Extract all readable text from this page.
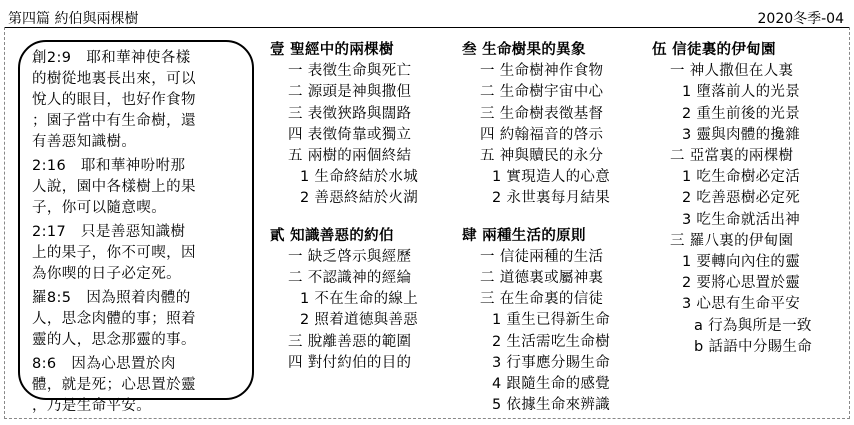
第四篇 約伯與兩棵樹	2020冬季-04

創2:9　耶和華神使各樣

的樹從地裏長出來，可以

悅人的眼目，也好作食物

；園子當中有生命樹，還

有善惡知識樹。

2:16　耶和華神吩咐那

人說，園中各樣樹上的果

子，你可以隨意喫。

2:17　只是善惡知識樹

上的果子，你不可喫，因

為你喫的日子必定死。

羅8:5　因為照着肉體的

人，思念肉體的事；照着

靈的人，思念那靈的事。

8:6　因為心思置於肉

體，就是死；心思置於靈

，乃是生命平安。

壹 聖經中的兩棵樹
一 表徵生命與死亡
二 源頭是神與撒但
三 表徵狹路與闊路
四 表徵倚靠或獨立
五 兩樹的兩個終結
1 生命終結於水城
2 善惡終結於火湖
貳 知識善惡的約伯
一 缺乏啓示與經歷
二 不認識神的經綸
1 不在生命的線上
2 照着道德與善惡
三 脫離善惡的範圍
四 對付約伯的目的
叁 生命樹果的異象
一 生命樹神作食物
二 生命樹宇宙中心
三 生命樹表徵基督
四 約翰福音的啓示
五 神與贖民的永分
1 實現造人的心意
2 永世裏每月結果
肆 兩種生活的原則
一 信徒兩種的生活
二 道德裏或屬神裏
三 在生命裏的信徒
1 重生已得新生命
2 生活需吃生命樹
3 行事應分賜生命
4 跟隨生命的感覺
5 依據生命來辨識
伍 信徒裏的伊甸園
一 神人撒但在人裏
1 墮落前人的光景
2 重生前後的光景
3 靈與肉體的攙雜
二 亞當裏的兩棵樹
1 吃生命樹必定活
2 吃善惡樹必定死
3 吃生命就活出神
三 羅八裏的伊甸園
1 要轉向內住的靈
2 要將心思置於靈
3 心思有生命平安
a 行為與所是一致
b 話語中分賜生命
